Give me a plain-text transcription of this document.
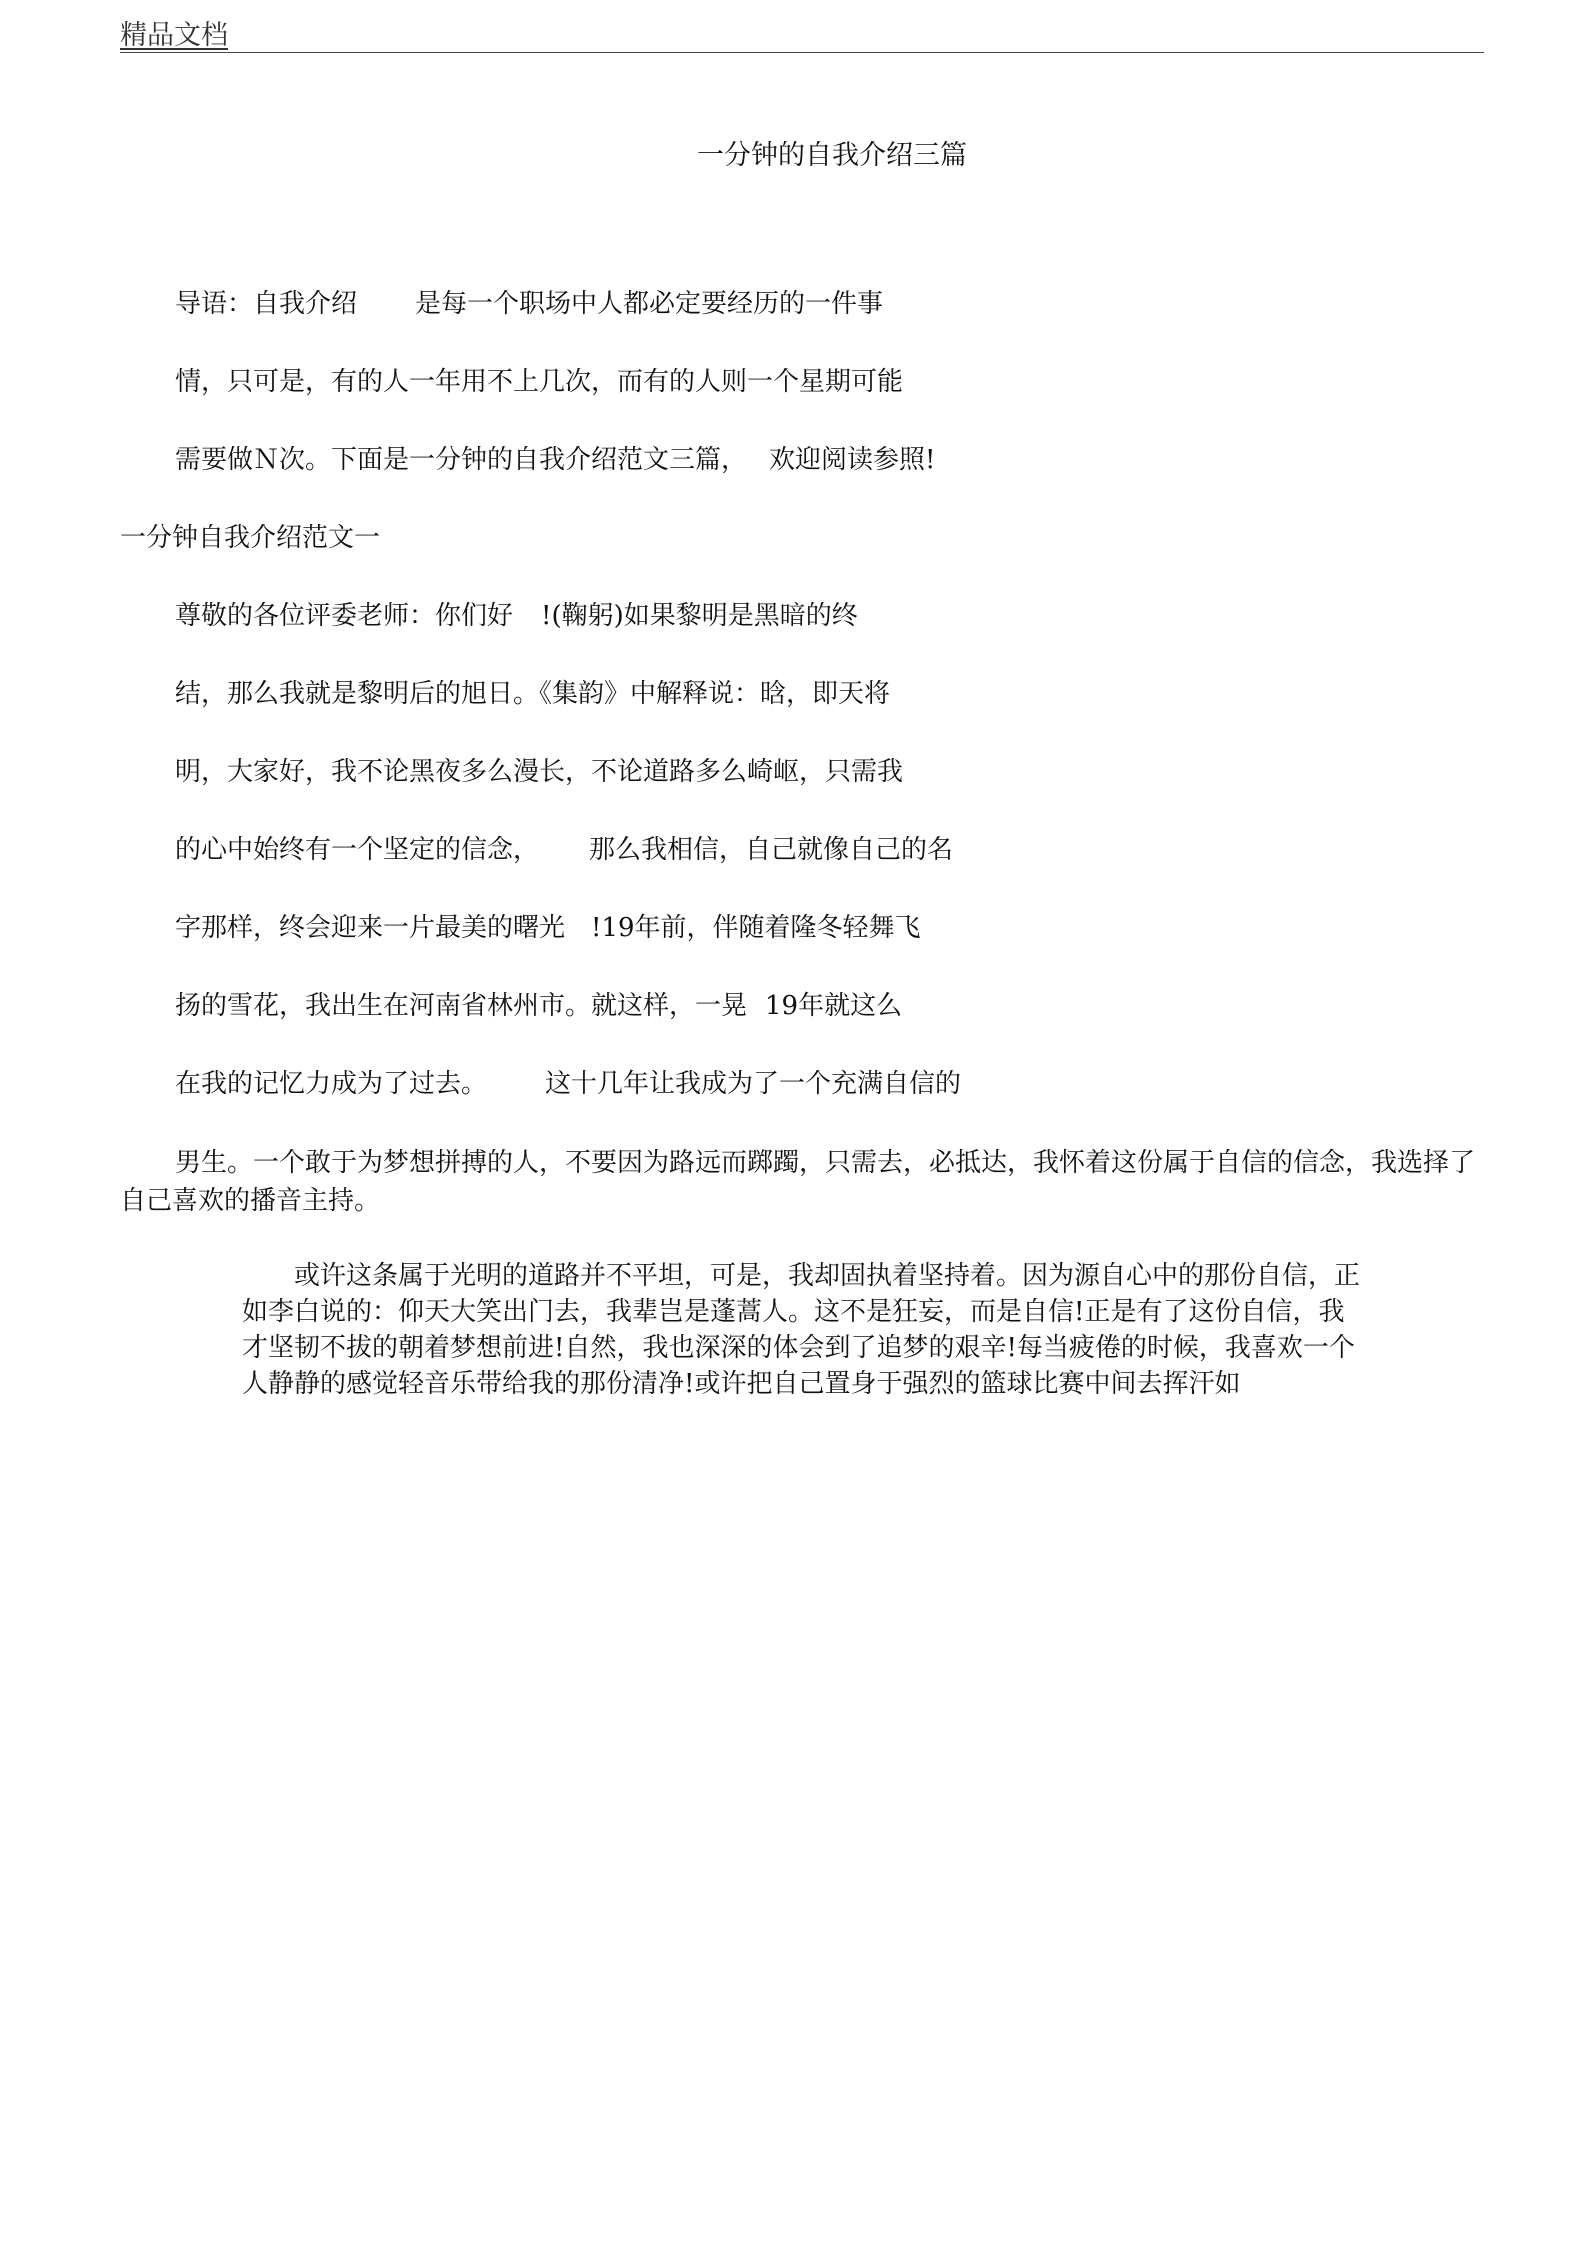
精品文档
一分钟的自我介绍三篇
导语：自我介绍 是每一个职场中人都必定要经历的一件事
情，只可是，有的人一年用不上几次，而有的人则一个星期可能
需要做Ｎ次。下面是一分钟的自我介绍范文三篇， 欢迎阅读参照!
一分钟自我介绍范文一
尊敬的各位评委老师：你们好 !(鞠躬)如果黎明是黑暗的终
结，那么我就是黎明后的旭日。《集韵》中解释说：晗，即天将
明，大家好，我不论黑夜多么漫长，不论道路多么崎岖，只需我
的心中始终有一个坚定的信念， 那么我相信，自己就像自己的名
字那样，终会迎来一片最美的曙光 !19年前，伴随着隆冬轻舞飞
扬的雪花，我出生在河南省林州市。就这样，一晃 19年就这么
在我的记忆力成为了过去。 这十几年让我成为了一个充满自信的
男生。一个敢于为梦想拼搏的人，不要因为路远而踯躅，只需去，必抵达，我怀着这份属于自信的信念，我选择了自己喜欢的播音主持。
或许这条属于光明的道路并不平坦，可是，我却固执着坚持着。因为源自心中的那份自信，正如李白说的：仰天大笑出门去，我辈岂是蓬蒿人。这不是狂妄，而是自信!正是有了这份自信，我才坚韧不拔的朝着梦想前进!自然，我也深深的体会到了追梦的艰辛!每当疲倦的时候，我喜欢一个人静静的感觉轻音乐带给我的那份清净!或许把自己置身于强烈的篮球比赛中间去挥汗如
